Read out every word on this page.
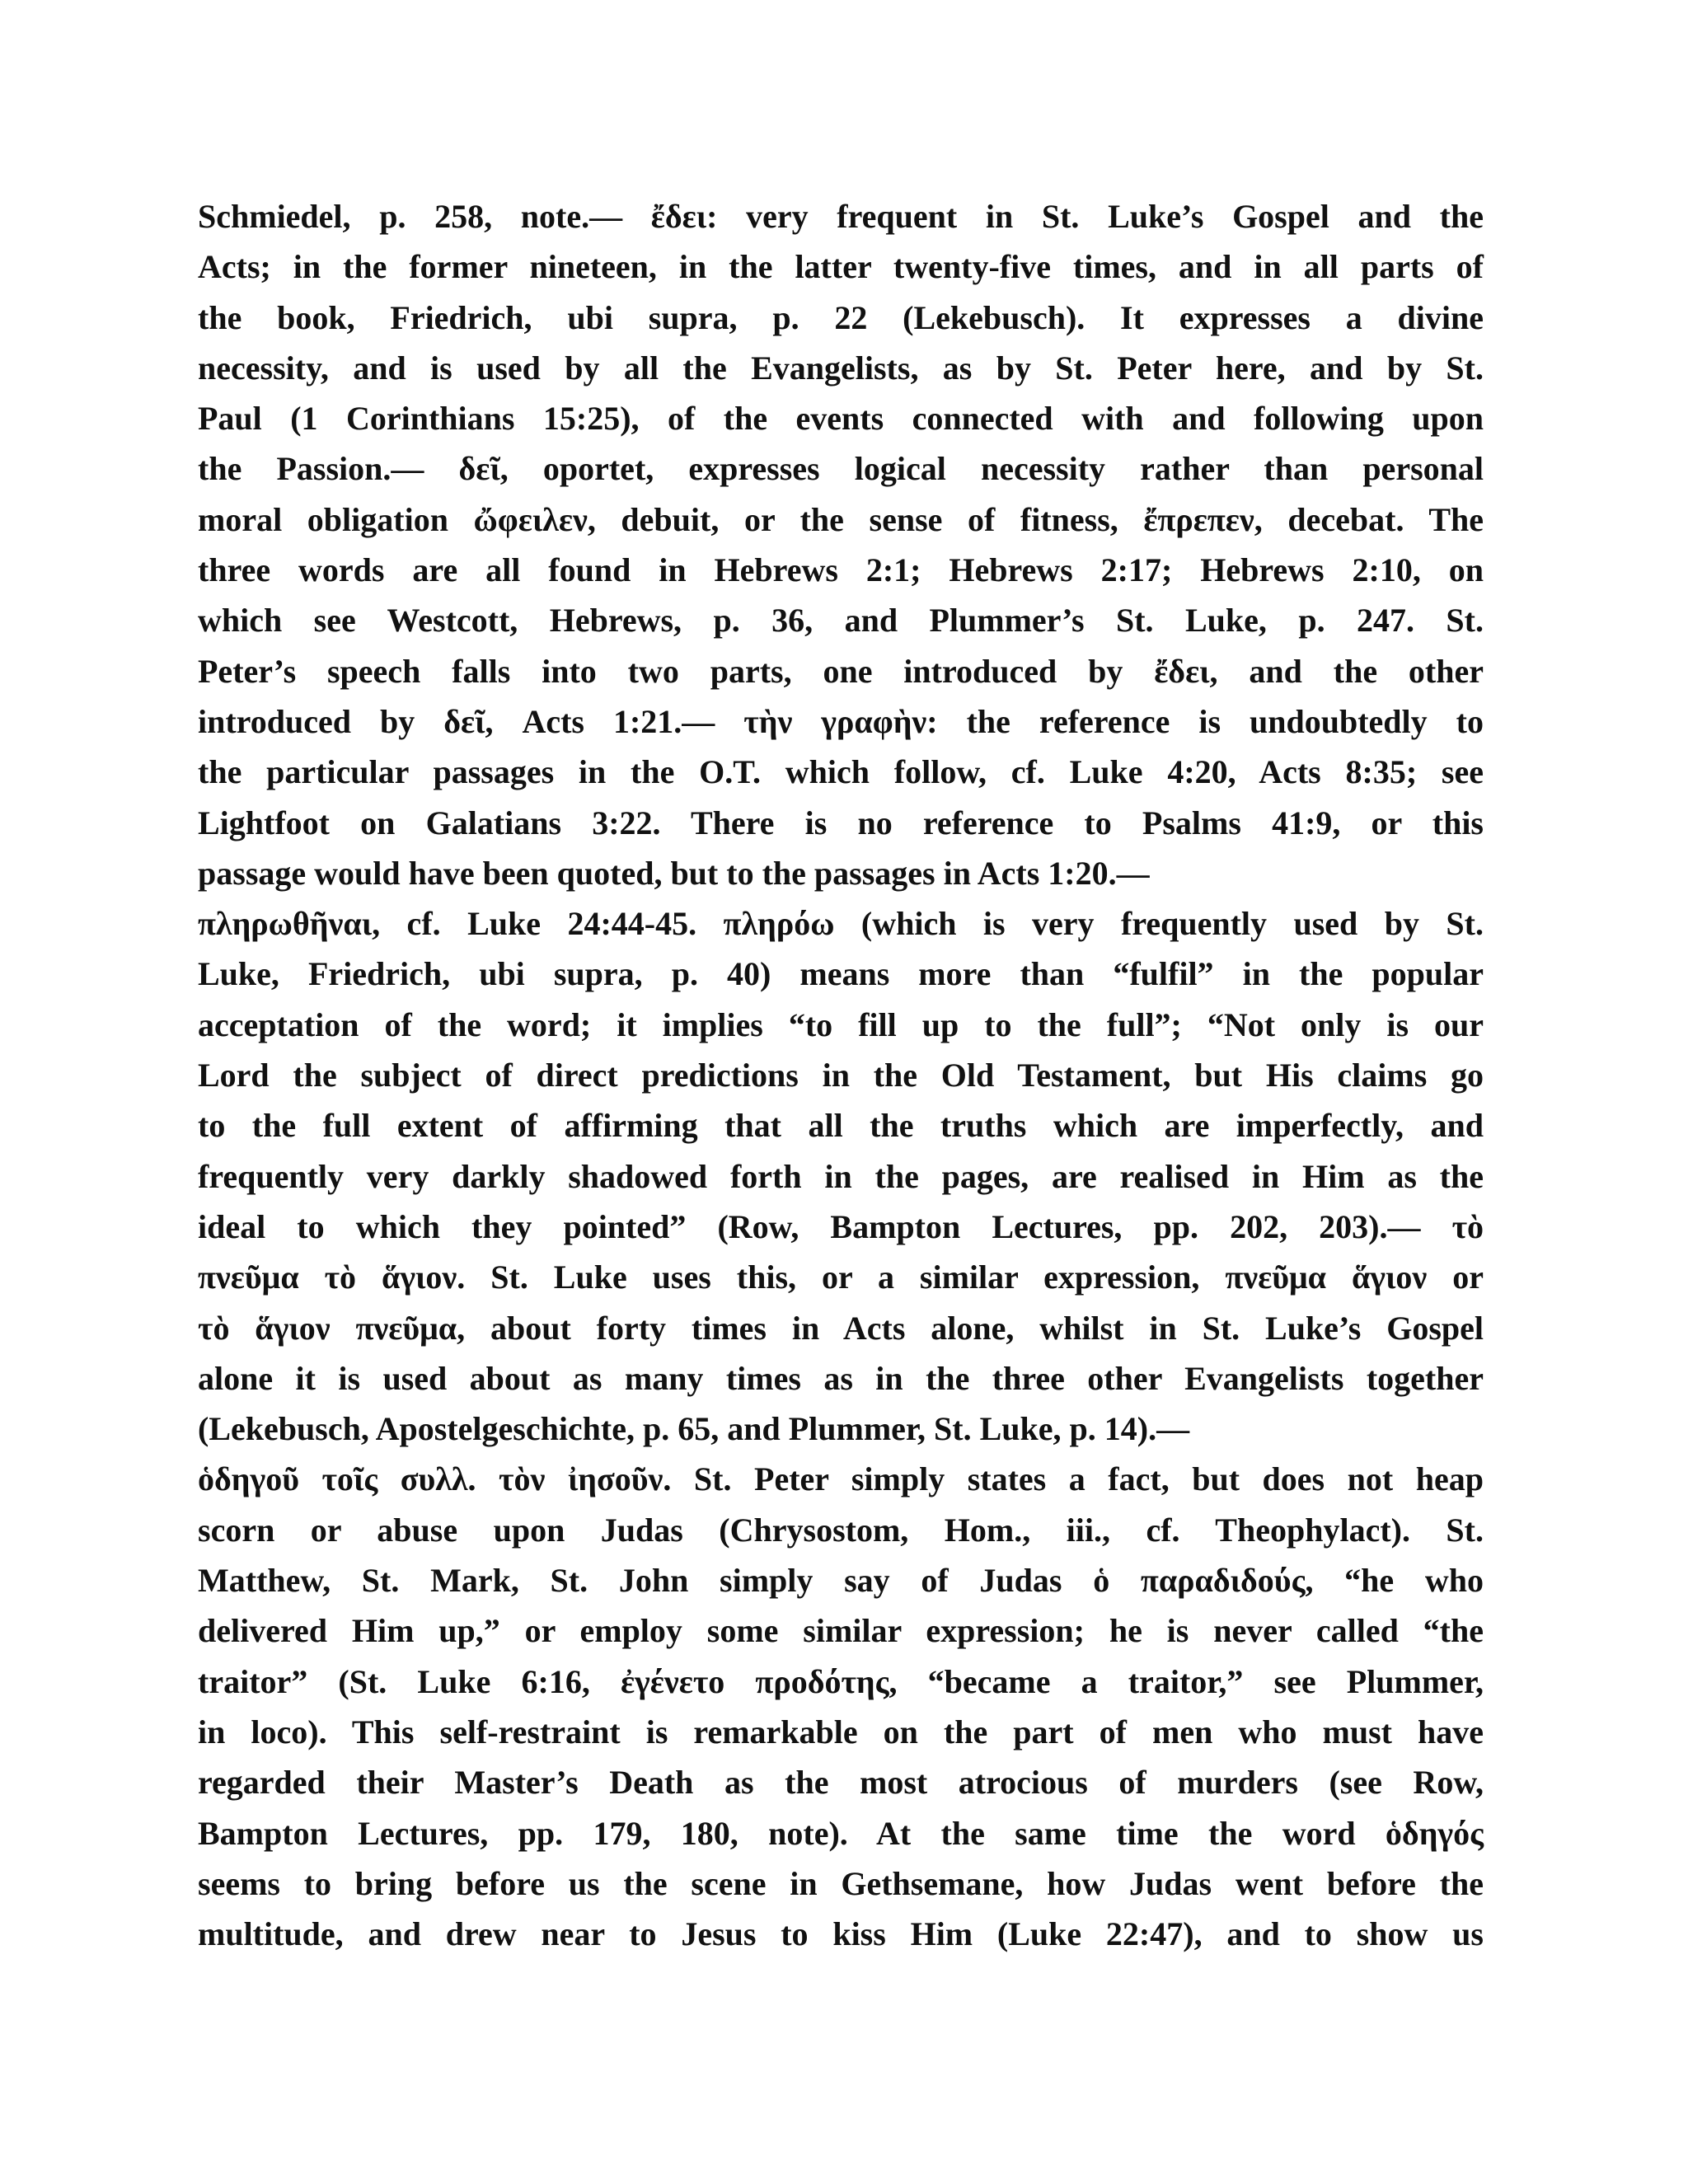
Schmiedel, p. 258, note.— ἔδει: very frequent in St. Luke’s Gospel and the
Acts; in the former nineteen, in the latter twenty-five times, and in all parts of
the book, Friedrich, ubi supra, p. 22 (Lekebusch). It expresses a divine
necessity, and is used by all the Evangelists, as by St. Peter here, and by St.
Paul (1 Corinthians 15:25), of the events connected with and following upon
the Passion.— δεῖ, oportet, expresses logical necessity rather than personal
moral obligation ὤφειλεν, debuit, or the sense of fitness, ἔπρεπεν, decebat. The
three words are all found in Hebrews 2:1; Hebrews 2:17; Hebrews 2:10, on
which see Westcott, Hebrews, p. 36, and Plummer’s St. Luke, p. 247. St.
Peter’s speech falls into two parts, one introduced by ἔδει, and the other
introduced by δεῖ, Acts 1:21.— τὴν γραφὴν: the reference is undoubtedly to
the particular passages in the O.T. which follow, cf. Luke 4:20, Acts 8:35; see
Lightfoot on Galatians 3:22. There is no reference to Psalms 41:9, or this
passage would have been quoted, but to the passages in Acts 1:20.—
πληρωθῆναι, cf. Luke 24:44-45. πληρόω (which is very frequently used by St.
Luke, Friedrich, ubi supra, p. 40) means more than “fulfil” in the popular
acceptation of the word; it implies “to fill up to the full”; “Not only is our
Lord the subject of direct predictions in the Old Testament, but His claims go
to the full extent of affirming that all the truths which are imperfectly, and
frequently very darkly shadowed forth in the pages, are realised in Him as the
ideal to which they pointed” (Row, Bampton Lectures, pp. 202, 203).— τὸ
πνεῦμα τὸ ἅγιον. St. Luke uses this, or a similar expression, πνεῦμα ἅγιον or
τὸ ἅγιον πνεῦμα, about forty times in Acts alone, whilst in St. Luke’s Gospel
alone it is used about as many times as in the three other Evangelists together
(Lekebusch, Apostelgeschichte, p. 65, and Plummer, St. Luke, p. 14).—
ὁδηγοῦ τοῖς συλλ. τὸν ἰησοῦν. St. Peter simply states a fact, but does not heap
scorn or abuse upon Judas (Chrysostom, Hom., iii., cf. Theophylact). St.
Matthew, St. Mark, St. John simply say of Judas ὁ παραδιδούς, “he who
delivered Him up,” or employ some similar expression; he is never called “the
traitor” (St. Luke 6:16, ἐγένετο προδότης, “became a traitor,” see Plummer,
in loco). This self-restraint is remarkable on the part of men who must have
regarded their Master’s Death as the most atrocious of murders (see Row,
Bampton Lectures, pp. 179, 180, note). At the same time the word ὁδηγός
seems to bring before us the scene in Gethsemane, how Judas went before the
multitude, and drew near to Jesus to kiss Him (Luke 22:47), and to show us
